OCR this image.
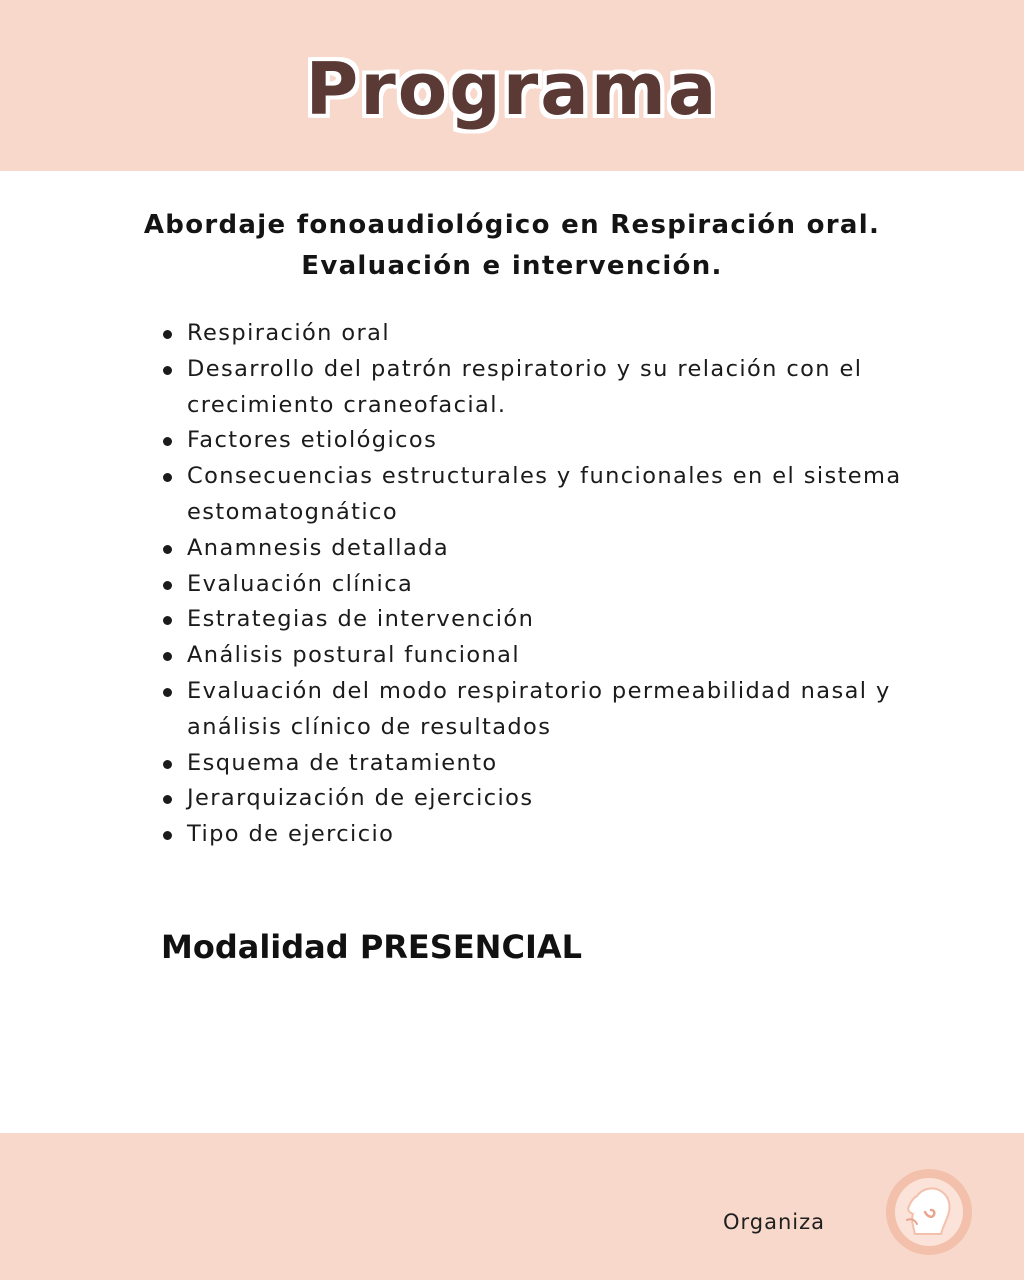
Programa
Abordaje fonoaudiológico en Respiración oral.
Evaluación e intervención.
Respiración oral
Desarrollo del patrón respiratorio y su relación con el crecimiento craneofacial.
Factores etiológicos
Consecuencias estructurales y funcionales en el sistema estomatognático
Anamnesis detallada
Evaluación clínica
Estrategias de intervención
Análisis postural funcional
Evaluación del modo respiratorio permeabilidad nasal y análisis clínico de resultados
Esquema de tratamiento
Jerarquización de ejercicios
Tipo de ejercicio
Modalidad PRESENCIAL
Organiza
